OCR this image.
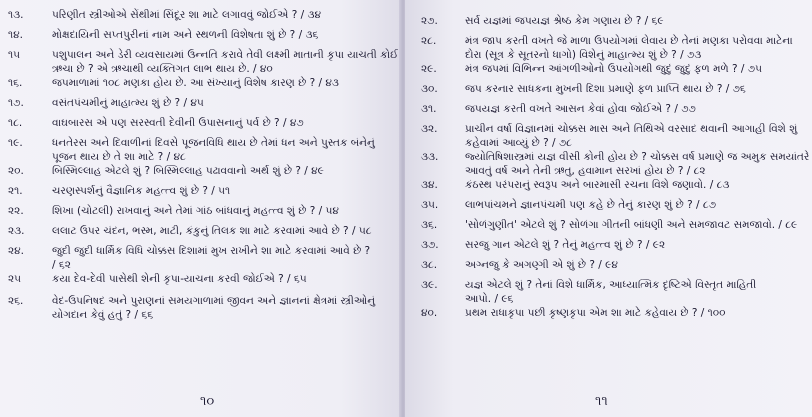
૧૩.	પરિણીત સ્ત્રીઓએ સેંથીમાં સિંદૂર શા માટે લગાવવું જોઈએ ? / ૩૪
૧૪.	મોક્ષદાયિની સપ્તપુરીનાં નામ અને સ્થળની વિશેષતા શું છે ? / ૩૬
૧૫	પશુપાલન અને ડેરી વ્યવસાયમાં ઉન્નતિ કરાવે તેવી લક્ષ્મી માતાની કૃપા યાચતી કોઈ
ઋચા છે ? એ ઋચાથી વ્યક્તિગત લાભ થાય છે. / ૪૦
૧૬.	જપમાળામાં ૧૦૮ મણકા હોય છે. આ સંખ્યાનું વિશેષ કારણ છે ? / ૪૩
૧૭.	વસંતપંચમીનું માહાત્મ્ય શું છે ? / ૪૫
૧૮.	વાઘબારસ એ પણ સરસ્વતી દેવીની ઉપાસનાનું પર્વ છે ? / ૪૭
૧૯.	ધનતેરસ અને દિવાળીનાં દિવસે પૂજનવિધિ થાય છે તેમાં ધન અને પુસ્તક બંનેનું
પૂજન થાય છે તે શા માટે ? / ૪૮
૨૦.	બિસ્મિલ્લાહ એટલે શું ? બિસ્મિલ્લાહ પઢાવવાનો અર્થ શું છે ? / ૪૯
૨૧.	ચરણસ્પર્શનું વૈજ્ઞાનિક મહત્ત્વ શું છે ? / ૫૧
૨૨.	શિખા (ચોટલી) રાખવાનું અને તેમાં ગાંઠ બાંધવાનું મહત્ત્વ શું છે ? / ૫૪
૨૩.	લલાટ ઉપર ચંદન, ભસ્મ, માટી, કંકુનું તિલક શા માટે કરવામાં આવે છે ? / ૫૮
૨૪.	જુદી જુદી ધાર્મિક વિધિ ચોક્કસ દિશામાં મુખ રાખીને શા માટે કરવામાં આવે છે ?
/ ૬૨
૨૫	કયા દેવ-દેવી પાસેથી શેની કૃપા-યાચના કરવી જોઈએ ? / ૬૫
૨૬.	વેદ-ઉપનિષદ અને પુરાણનાં સમયગાળામાં જીવન અને જ્ઞાનનાં ક્ષેત્રમાં સ્ત્રીઓનું
યોગદાન કેવું હતું ? / ૬૬
૧૦
૨૭.	સર્વ યજ્ઞમાં જપયજ્ઞ શ્રેષ્ઠ કેમ ગણાય છે ? / ૬૯
૨૮.	મંત્ર જાપ કરતી વખતે જે માળા ઉપયોગમાં લેવાય છે તેનાં મણકા પરોવવા માટેના
દોરા (સૂત્ર કે સૂતરનો ધાગો) વિશેનું માહાત્મ્ય શું છે ? / ૭૩
૨૯.	મંત્ર જપમાં વિભિન્ન આંગળીઓનો ઉપયોગથી જુદું જુદું ફળ મળે ? / ૭૫
૩૦.	જપ કરનાર સાધકના મુખની દિશા પ્રમાણે ફળ પ્રાપ્તિ થાય છે ? / ૭૬
૩૧.	જપયજ્ઞ કરતી વખતે આસન કેવાં હોવા જોઈએ ? / ૭૭
૩૨.	પ્રાચીન વર્ષા વિજ્ઞાનમાં ચોક્કસ માસ અને તિથિએ વરસાદ થવાની આગાહી વિશે શું
કહેવામાં આવ્યું છે ? / ૭૮
૩૩.	જ્યોતિષિશાસ્ત્રમાં યજ્ઞ વીસી કોની હોય છે ? ચોક્કસ વર્ષ પ્રમાણે જ અમુક સમયાંતરે
આવતું વર્ષ અને તેની ઋતુ, હવામાન સરખાં હોય છે ? / ૮૨
૩૪.	કંઠસ્થ પરંપરાનું સ્વરૂપ અને બારમાસી રચના વિશે જણાવો. / ૮૩
૩૫.	લાભપાંચમને જ્ઞાનપંચમી પણ કહે છે તેનું કારણ શું છે ? / ૮૭
૩૬.	'સોળંગુણીત' એટલે શું ? સોળંગા ગીતની બાંધણી અને સમજાવટ સમજાવો. / ૮૯
૩૭.	સરજુ ગાન એટલે શું ? તેનું મહત્ત્વ શું છે ? / ૯૨
૩૮.	અગ્નજુ કે અગણ્ગી એ શું છે ? / ૯૪
૩૯.	યજ્ઞ એટલે શું ? તેનાં વિશે ધાર્મિક, આધ્યાત્મિક દૃષ્ટિએ વિસ્તૃત માહિતી
આપો. / ૯૬
૪૦.	પ્રથમ રાધાકૃપા પછી કૃષ્ણકૃપા એમ શા માટે કહેવાય છે ? / ૧૦૦
૧૧
